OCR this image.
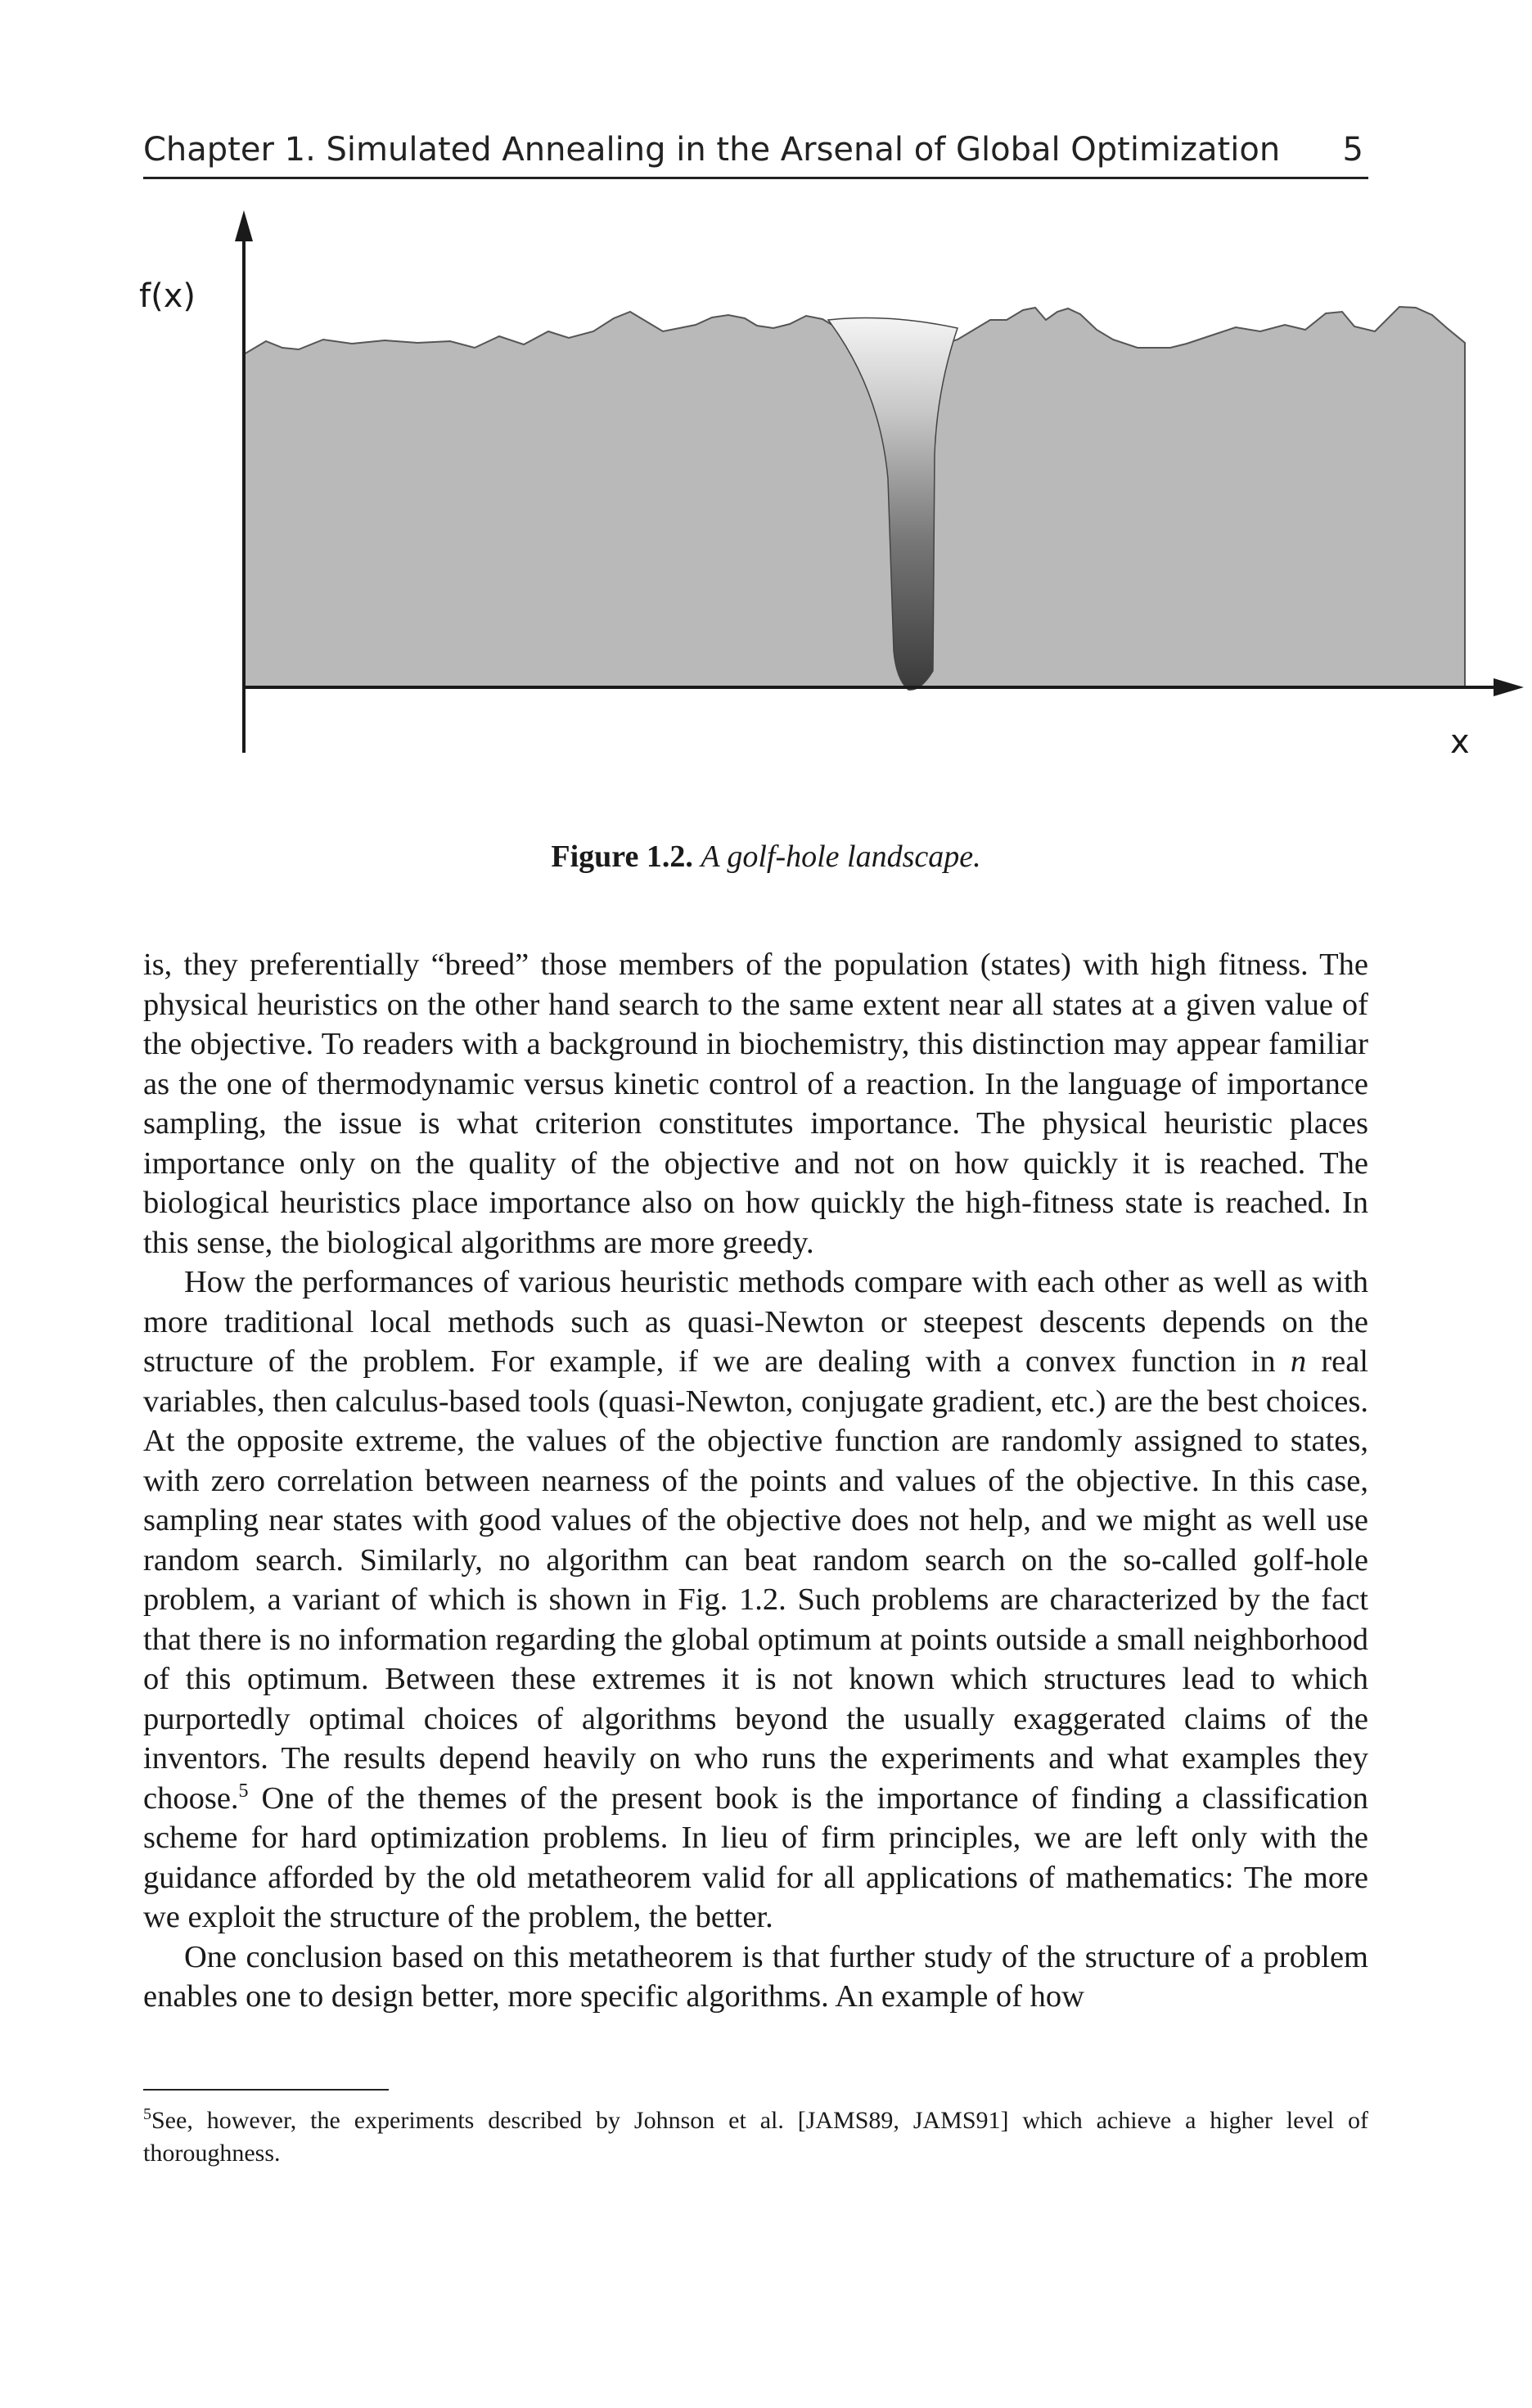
Chapter 1. Simulated Annealing in the Arsenal of Global Optimization 5
f(x)
x
Figure 1.2. A golf-hole landscape.

is, they preferentially “breed” those members of the population (states) with high fitness. The physical heuristics on the other hand search to the same extent near all states at a given value of the objective. To readers with a background in biochemistry, this distinction may appear familiar as the one of thermodynamic versus kinetic control of a reaction. In the language of importance sampling, the issue is what criterion constitutes importance. The physical heuristic places importance only on the quality of the objective and not on how quickly it is reached. The biological heuristics place importance also on how quickly the high-fitness state is reached. In this sense, the biological algorithms are more greedy.

How the performances of various heuristic methods compare with each other as well as with more traditional local methods such as quasi-Newton or steepest descents depends on the structure of the problem. For example, if we are dealing with a convex function in n real variables, then calculus-based tools (quasi-Newton, conjugate gradient, etc.) are the best choices. At the opposite extreme, the values of the objective function are randomly assigned to states, with zero correlation between nearness of the points and values of the objective. In this case, sampling near states with good values of the objective does not help, and we might as well use random search. Similarly, no algorithm can beat random search on the so-called golf-hole problem, a variant of which is shown in Fig. 1.2. Such problems are characterized by the fact that there is no information regarding the global optimum at points outside a small neighborhood of this optimum. Between these extremes it is not known which structures lead to which purportedly optimal choices of algorithms beyond the usually exaggerated claims of the inventors. The results depend heavily on who runs the experiments and what examples they choose.$^5$ One of the themes of the present book is the importance of finding a classification scheme for hard optimization problems. In lieu of firm principles, we are left only with the guidance afforded by the old metatheorem valid for all applications of mathematics: The more we exploit the structure of the problem, the better.

One conclusion based on this metatheorem is that further study of the structure of a problem enables one to design better, more specific algorithms. An example of how

$^5$See, however, the experiments described by Johnson et al. [JAMS89, JAMS91] which achieve a higher level of thoroughness.
